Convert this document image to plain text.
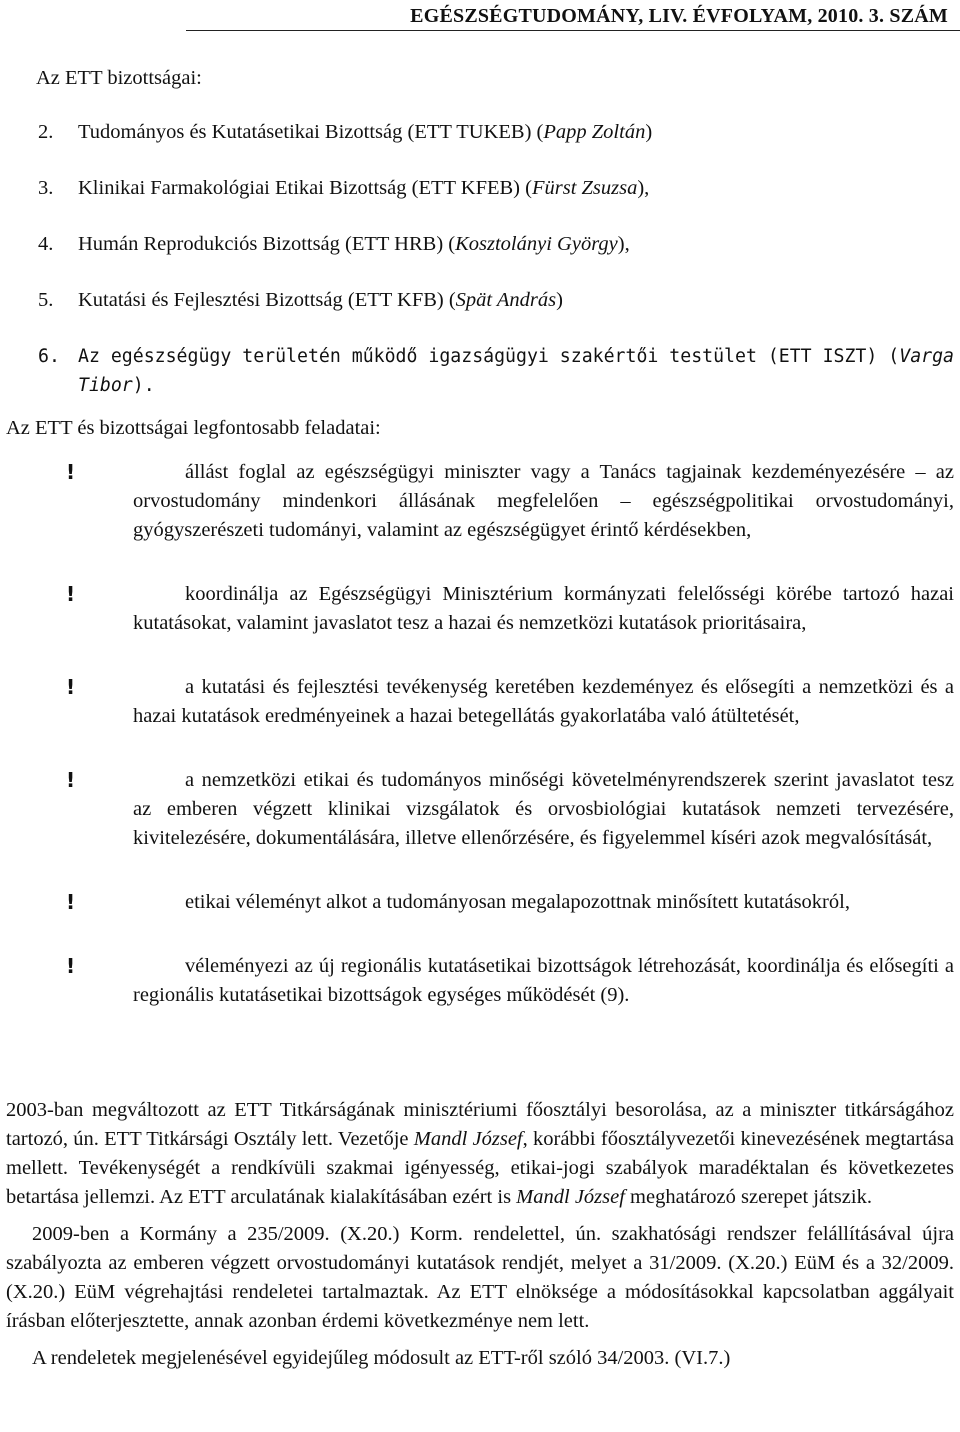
EGÉSZSÉGTUDOMÁNY, LIV. ÉVFOLYAM, 2010. 3. SZÁM
Az ETT bizottságai:
2.	Tudományos és Kutatásetikai Bizottság (ETT TUKEB) (Papp Zoltán)
3.	Klinikai Farmakológiai Etikai Bizottság (ETT KFEB) (Fürst Zsuzsa),
4.	Humán Reprodukciós Bizottság (ETT HRB) (Kosztolányi György),
5.	Kutatási és Fejlesztési Bizottság (ETT KFB) (Spät András)
6. Az egészségügy területén működő igazságügyi szakértői testület (ETT ISZT) (Varga Tibor).
Az ETT és bizottságai legfontosabb feladatai:
!	állást foglal az egészségügyi miniszter vagy a Tanács tagjainak kezdeményezésére – az orvostudomány mindenkori állásának megfelelően – egészségpolitikai orvostudományi, gyógyszerészeti tudományi, valamint az egészségügyet érintő kérdésekben,
!	koordinálja az Egészségügyi Minisztérium kormányzati felelősségi körébe tartozó hazai kutatásokat, valamint javaslatot tesz a hazai és nemzetközi kutatások prioritásaira,
!	a kutatási és fejlesztési tevékenység keretében kezdeményez és elősegíti a nemzetközi és a hazai kutatások eredményeinek a hazai betegellátás gyakorlatába való átültetését,
!	a nemzetközi etikai és tudományos minőségi követelményrendszerek szerint javaslatot tesz az emberen végzett klinikai vizsgálatok és orvosbiológiai kutatások nemzeti tervezésére, kivitelezésére, dokumentálására, illetve ellenőrzésére, és figyelemmel kíséri azok megvalósítását,
!	etikai véleményt alkot a tudományosan megalapozottnak minősített kutatásokról,
!	véleményezi az új regionális kutatásetikai bizottságok létrehozását, koordinálja és elősegíti a regionális kutatásetikai bizottságok egységes működését (9).
2003-ban megváltozott az ETT Titkárságának minisztériumi főosztályi besorolása, az a miniszter titkárságához tartozó, ún. ETT Titkársági Osztály lett. Vezetője Mandl József, korábbi főosztályvezetői kinevezésének megtartása mellett. Tevékenységét a rendkívüli szakmai igényesség, etikai-jogi szabályok maradéktalan és következetes betartása jellemzi. Az ETT arculatának kialakításában ezért is Mandl József meghatározó szerepet játszik.
2009-ben a Kormány a 235/2009. (X.20.) Korm. rendelettel, ún. szakhatósági rendszer felállításával újra szabályozta az emberen végzett orvostudományi kutatások rendjét, melyet a 31/2009. (X.20.) EüM és a 32/2009. (X.20.) EüM végrehajtási rendeletei tartalmaztak. Az ETT elnöksége a módosításokkal kapcsolatban aggályait írásban előterjesztette, annak azonban érdemi következménye nem lett.
A rendeletek megjelenésével egyidejűleg módosult az ETT-ről szóló 34/2003. (VI.7.)
